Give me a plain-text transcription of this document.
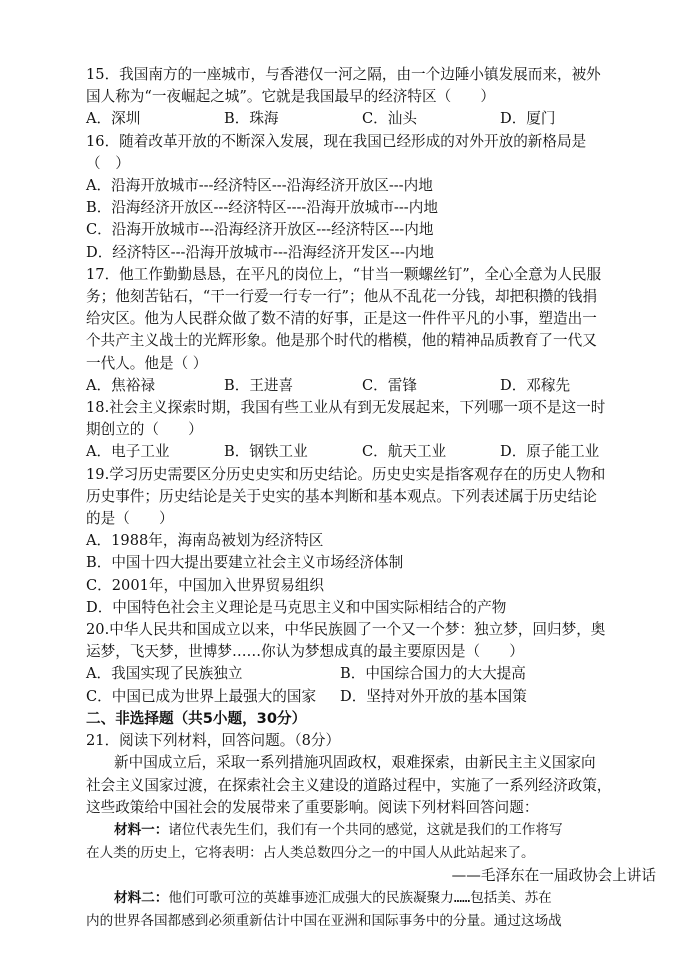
15．我国南方的一座城市，与香港仅一河之隔，由一个边陲小镇发展而来，被外
国人称为“一夜崛起之城”。它就是我国最早的经济特区（　　）
A．深圳	B．珠海	C．汕头	D．厦门
16．随着改革开放的不断深入发展，现在我国已经形成的对外开放的新格局是
（　）
A．沿海开放城市---经济特区---沿海经济开放区---内地
B．沿海经济开放区---经济特区----沿海开放城市---内地
C．沿海开放城市---沿海经济开放区---经济特区---内地
D．经济特区---沿海开放城市---沿海经济开发区---内地
17．他工作勤勤恳恳，在平凡的岗位上，“甘当一颗螺丝钉”，全心全意为人民服
务；他刻苦钻石，“干一行爱一行专一行”；他从不乱花一分钱，却把积攒的钱捐
给灾区。他为人民群众做了数不清的好事，正是这一件件平凡的小事，塑造出一
个共产主义战士的光辉形象。他是那个时代的楷模，他的精神品质教育了一代又
一代人。他是（ ）
A．焦裕禄	B．王进喜	C．雷锋	D．邓稼先
18.社会主义探索时期，我国有些工业从有到无发展起来，下列哪一项不是这一时
期创立的（　　）
A．电子工业	B．钢铁工业	C．航天工业	D．原子能工业
19.学习历史需要区分历史史实和历史结论。历史史实是指客观存在的历史人物和
历史事件；历史结论是关于史实的基本判断和基本观点。下列表述属于历史结论
的是（　　）
A．1988年，海南岛被划为经济特区
B．中国十四大提出要建立社会主义市场经济体制
C．2001年，中国加入世界贸易组织
D．中国特色社会主义理论是马克思主义和中国实际相结合的产物
20.中华人民共和国成立以来，中华民族圆了一个又一个梦：独立梦，回归梦，奥
运梦，飞天梦，世博梦……你认为梦想成真的最主要原因是（　　）
A．我国实现了民族独立	B．中国综合国力的大大提高
C．中国已成为世界上最强大的国家	D．坚持对外开放的基本国策
二、非选择题（共5小题，30分）
21．阅读下列材料，回答问题。（8分）
新中国成立后，采取一系列措施巩固政权，艰难探索，由新民主主义国家向
社会主义国家过渡，在探索社会主义建设的道路过程中，实施了一系列经济政策，
这些政策给中国社会的发展带来了重要影响。阅读下列材料回答问题：
材料一：诸位代表先生们，我们有一个共同的感觉，这就是我们的工作将写
在人类的历史上，它将表明：占人类总数四分之一的中国人从此站起来了。
——毛泽东在一届政协会上讲话
材料二：他们可歌可泣的英雄事迹汇成强大的民族凝聚力……包括美、苏在
内的世界各国都感到必须重新估计中国在亚洲和国际事务中的分量。通过这场战
